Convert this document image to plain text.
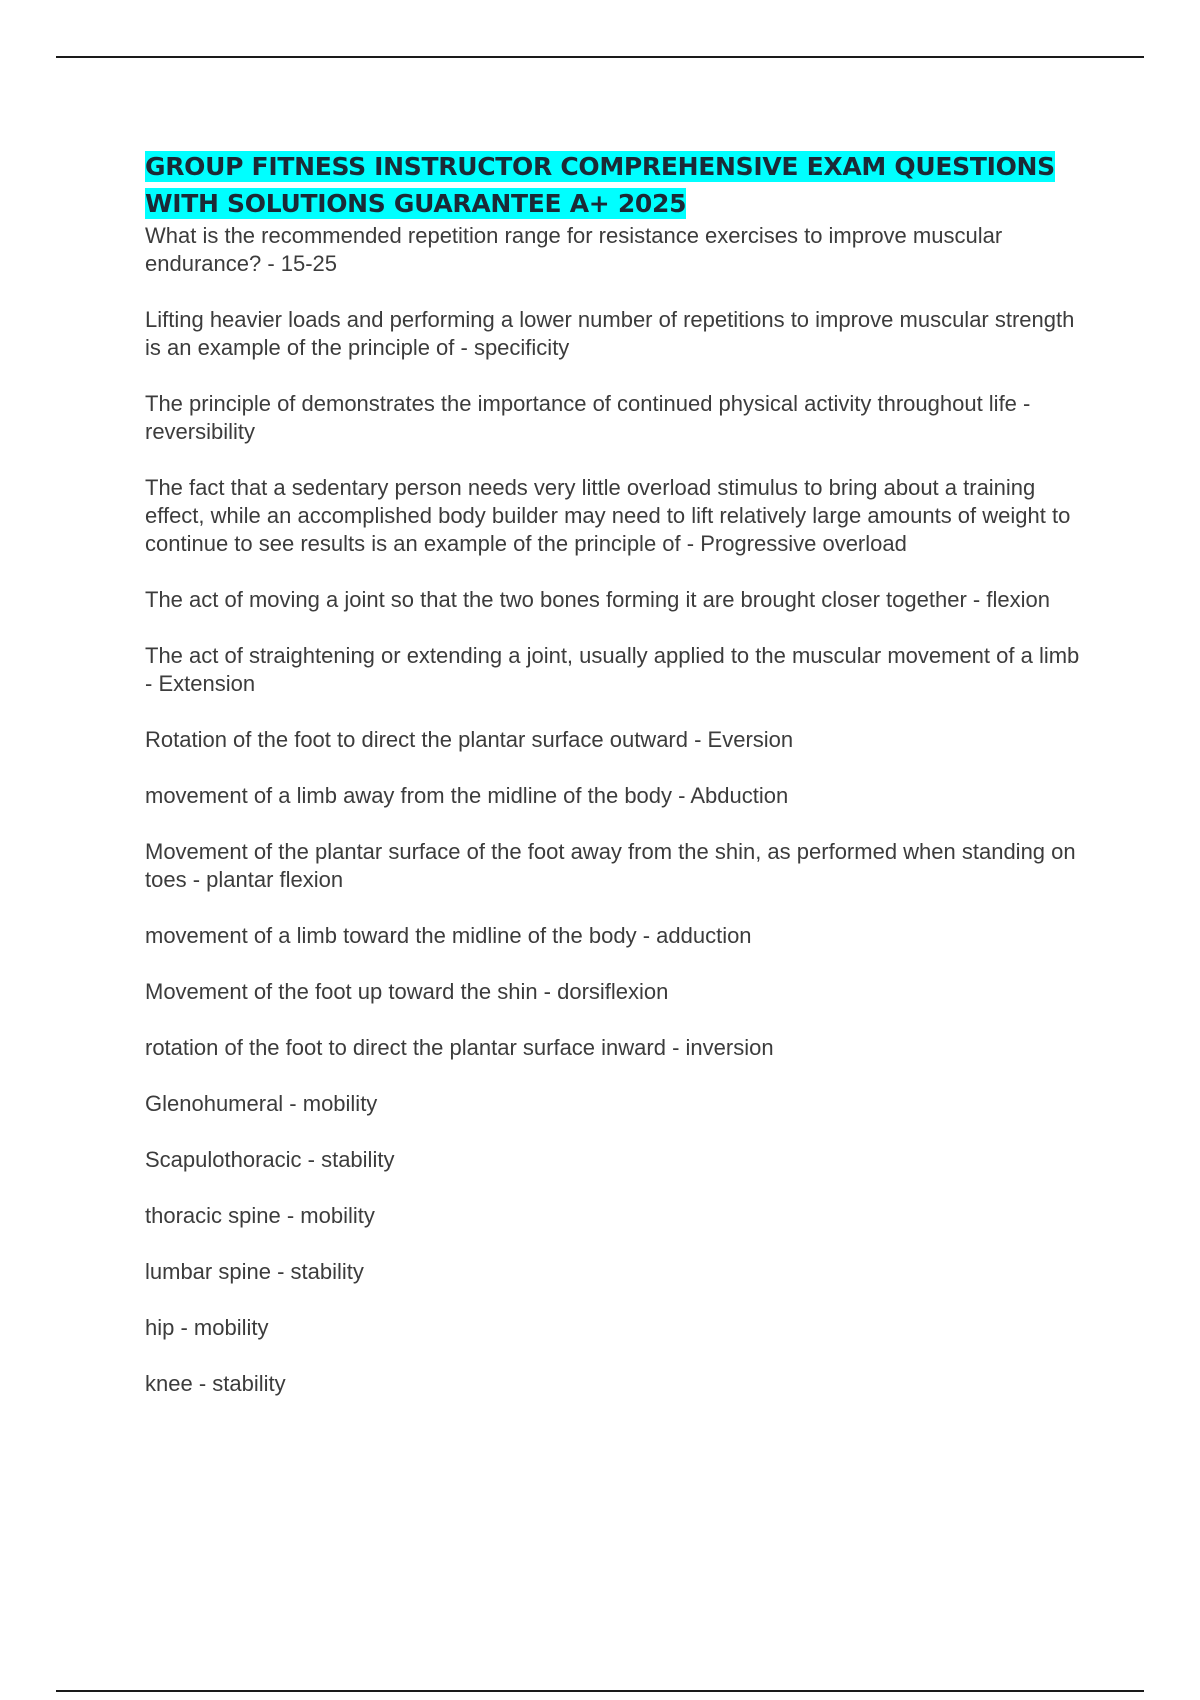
GROUP FITNESS INSTRUCTOR COMPREHENSIVE EXAM QUESTIONS WITH SOLUTIONS GUARANTEE A+ 2025
What is the recommended repetition range for resistance exercises to improve muscular endurance? - 15-25
Lifting heavier loads and performing a lower number of repetitions to improve muscular strength is an example of the principle of - specificity
The principle of demonstrates the importance of continued physical activity throughout life - reversibility
The fact that a sedentary person needs very little overload stimulus to bring about a training effect, while an accomplished body builder may need to lift relatively large amounts of weight to continue to see results is an example of the principle of - Progressive overload
The act of moving a joint so that the two bones forming it are brought closer together - flexion
The act of straightening or extending a joint, usually applied to the muscular movement of a limb - Extension
Rotation of the foot to direct the plantar surface outward - Eversion
movement of a limb away from the midline of the body - Abduction
Movement of the plantar surface of the foot away from the shin, as performed when standing on toes - plantar flexion
movement of a limb toward the midline of the body - adduction
Movement of the foot up toward the shin - dorsiflexion
rotation of the foot to direct the plantar surface inward - inversion
Glenohumeral - mobility
Scapulothoracic - stability
thoracic spine - mobility
lumbar spine - stability
hip - mobility
knee - stability
